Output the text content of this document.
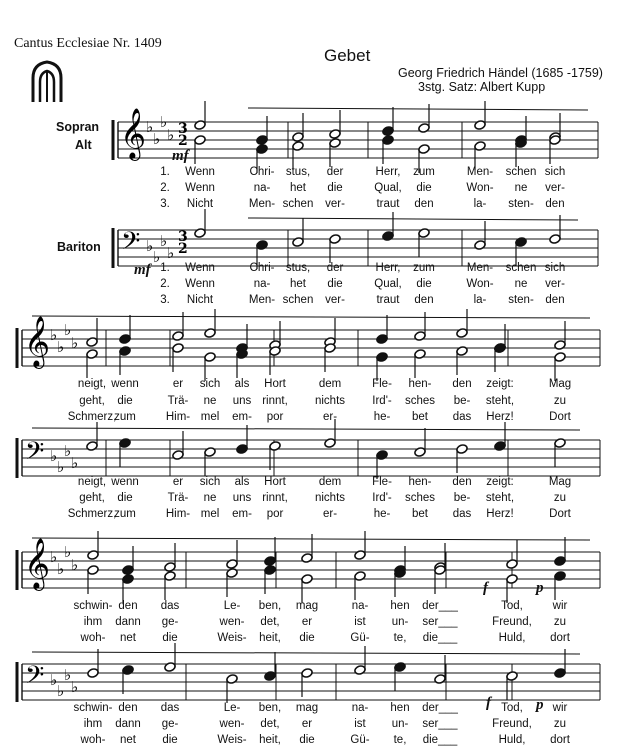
Cantus Ecclesiae Nr. 1409
Gebet
Georg Friedrich Händel (1685 -1759)
3stg. Satz: Albert Kupp
Sopran
Alt
Bariton
𝄞
𝄢
♭
♭
♭
♭
♭
♭
♭
♭
3
2
3
2
𝄞
𝄢
♭
♭
♭
♭
♭
♭
♭
♭
𝄞
𝄢
♭
♭
♭
♭
♭
♭
♭
♭
mf
mf
f	p
f	p
1. Wenn	Chri- stus, der	Herr, zum	Men- schen sich
1. Wenn	Chri- stus, der	Herr, zum	Men- schen sich
2. Wenn	na- het die	Qual, die	Won- ne ver-
2. Wenn	na- het die	Qual, die	Won- ne ver-
3. Nicht	Men- schen ver-	traut den	la- sten- den
3. Nicht	Men- schen ver-	traut den	la- sten- den
neigt, wenn	er sich als Hort	dem	Fle- hen- den zeigt:	Mag
neigt, wenn	er sich als Hort	dem	Fle- hen- den zeigt:	Mag
geht, die	Trä- ne uns rinnt, nichts Ird'- sches be- steht,	zu
geht, die	Trä- ne uns rinnt, nichts Ird'- sches be- steht,	zu
Schmerz,
zum	Him- mel em- por	er-	he- bet das Herz!	Dort
Schmerz,
zum	Him- mel em- por	er-	he- bet das Herz!	Dort
schwin- den das	Le- ben, mag	na- hen der___	Tod,	wir
schwin- den das	Le- ben, mag	na- hen der___	Tod,	wir
ihm dann ge-	wen- det, er	ist un- ser___	Freund, zu
ihm dann ge-	wen- det, er	ist un- ser___	Freund, zu
woh- net die	Weis- heit, die	Gü- te, die___	Huld, dort
woh- net die	Weis- heit, die	Gü- te, die___	Huld, dort
